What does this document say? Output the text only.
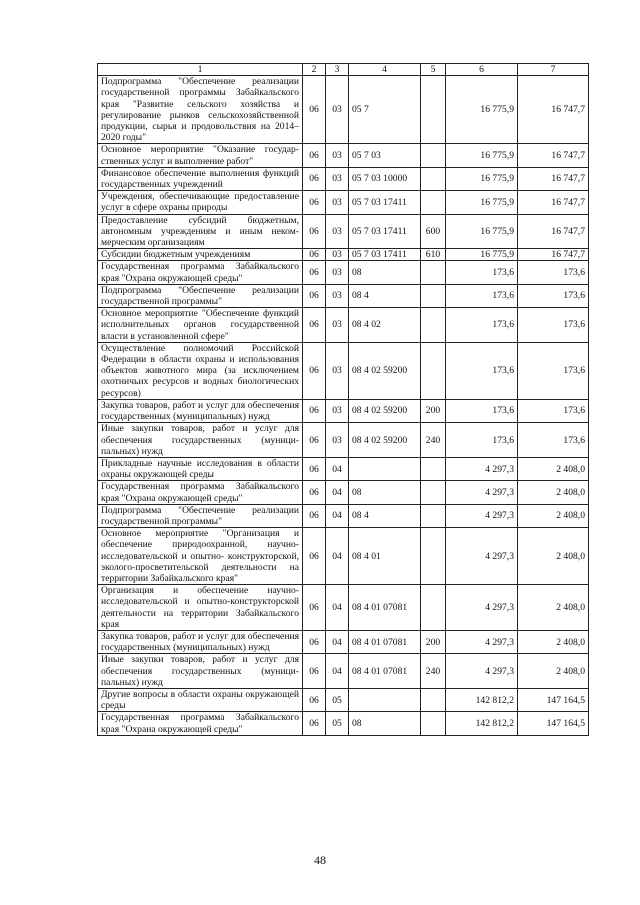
1	2	3	4	5	6	7
Подпрограмма "Обеспечение реализации государственной программы Забайкальского края "Развитие сельского хозяйства и регулирование рынков сельскохозяйственной продукции, сырья и продовольствия на 2014–2020 годы"	06	03	05 7		16 775,9	16 747,7
Основное мероприятие "Оказание государственных услуг и выполнение работ"	06	03	05 7 03		16 775,9	16 747,7
Финансовое обеспечение выполнения функций государственных учреждений	06	03	05 7 03 10000		16 775,9	16 747,7
Учреждения, обеспечивающие предоставление услуг в сфере охраны природы	06	03	05 7 03 17411		16 775,9	16 747,7
Предоставление субсидий бюджетным, автономным учреждениям и иным некоммерческим организациям	06	03	05 7 03 17411	600	16 775,9	16 747,7
Субсидии бюджетным учреждениям	06	03	05 7 03 17411	610	16 775,9	16 747,7
Государственная программа Забайкальского края "Охрана окружающей среды"	06	03	08		173,6	173,6
Подпрограмма "Обеспечение реализации государственной программы"	06	03	08 4		173,6	173,6
Основное мероприятие "Обеспечение функций исполнительных органов государственной власти в установленной сфере"	06	03	08 4 02		173,6	173,6
Осуществление полномочий Российской Федерации в области охраны и использования объектов животного мира (за исключением охотничьих ресурсов и водных биологических ресурсов)	06	03	08 4 02 59200		173,6	173,6
Закупка товаров, работ и услуг для обеспечения государственных (муниципальных) нужд	06	03	08 4 02 59200	200	173,6	173,6
Иные закупки товаров, работ и услуг для обеспечения государственных (муниципальных) нужд	06	03	08 4 02 59200	240	173,6	173,6
Прикладные научные исследования в области охраны окружающей среды	06	04			4 297,3	2 408,0
Государственная программа Забайкальского края "Охрана окружающей среды"	06	04	08		4 297,3	2 408,0
Подпрограмма "Обеспечение реализации государственной программы"	06	04	08 4		4 297,3	2 408,0
Основное мероприятие "Организация и обеспечение природоохранной, научно-исследовательской и опытно- конструкторской, эколого-просветительской деятельности на территории Забайкальского края"	06	04	08 4 01		4 297,3	2 408,0
Организация и обеспечение научно-исследовательской и опытно-конструкторской деятельности на территории Забайкальского края	06	04	08 4 01 07081		4 297,3	2 408,0
Закупка товаров, работ и услуг для обеспечения государственных (муниципальных) нужд	06	04	08 4 01 07081	200	4 297,3	2 408,0
Иные закупки товаров, работ и услуг для обеспечения государственных (муниципальных) нужд	06	04	08 4 01 07081	240	4 297,3	2 408,0
Другие вопросы в области охраны окружающей среды	06	05			142 812,2	147 164,5
Государственная программа Забайкальского края "Охрана окружающей среды"	06	05	08		142 812,2	147 164,5
48
